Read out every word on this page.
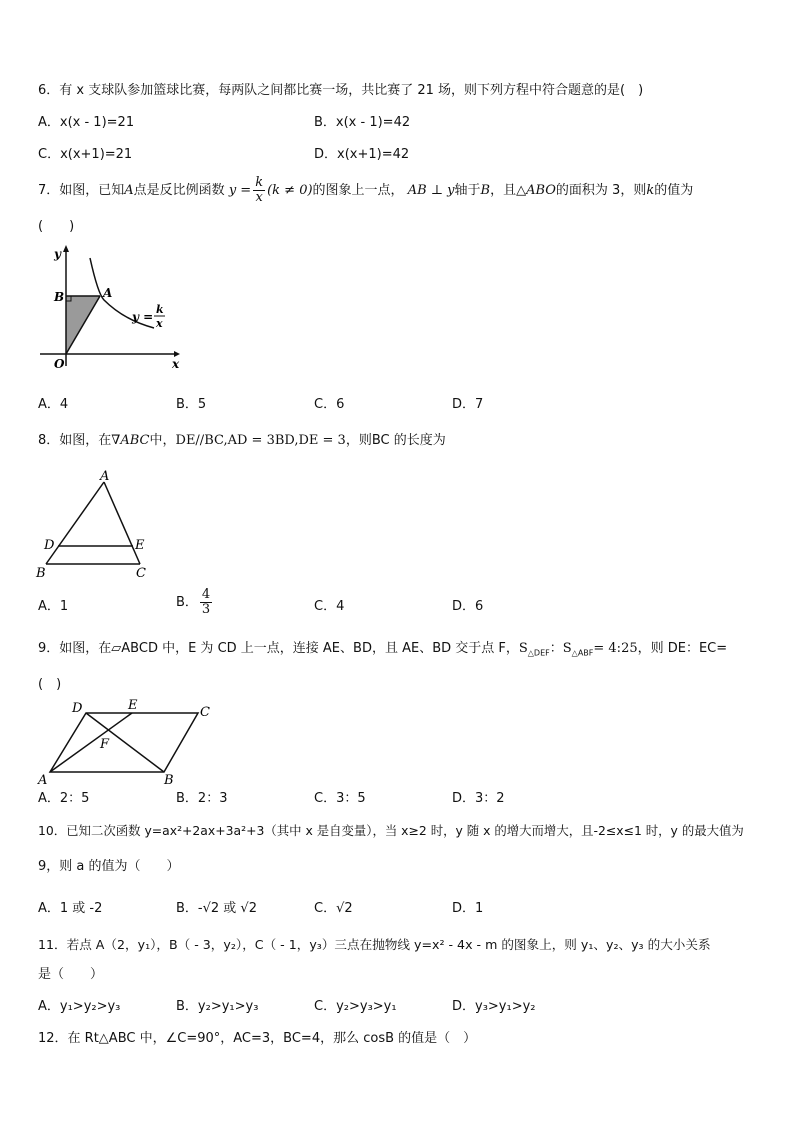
6．有 x 支球队参加篮球比赛，每两队之间都比赛一场，共比赛了 21 场，则下列方程中符合题意的是(　)
A．x(x - 1)=21	B．x(x - 1)=42
C．x(x+1)=21	D．x(x+1)=42
7．如图，已知A点是反比例函数 $y = \frac{k}{x} (k \ne 0)$的图象上一点， AB ⊥ y轴于B，且△ABO的面积为 3，则k的值为
(　　)
y
x
B	A
O
y =
k
x
A．4	B．5	C．6	D．7
8．如图，在∇ABC中，DE//BC,AD = 3BD,DE = 3，则BC 的长度为
A
D	E
B	C
A．1	B． $\frac{4}{3}$	C．4	D．6
9．如图，在▱ABCD 中，E 为 CD 上一点，连接 AE、BD，且 AE、BD 交于点 F，$S_{\triangle DEF}$：$S_{\triangle ABF}=$ 4:25，则 DE：EC=
(　)
D	E	C
F
A	B
A．2：5	B．2：3	C．3：5	D．3：2
10．已知二次函数 y=ax²+2ax+3a²+3（其中 x 是自变量），当 x≥2 时，y 随 x 的增大而增大，且-2≤x≤1 时，y 的最大值为
9，则 a 的值为（　　）
A．1 或 -2	B．-√2 或 √2	C．√2	D．1
11．若点 A（2，y₁），B（ - 3，y₂），C（ - 1，y₃）三点在抛物线 y=x² - 4x - m 的图象上，则 y₁、y₂、y₃ 的大小关系
是（　　）
A．y₁>y₂>y₃	B．y₂>y₁>y₃	C．y₂>y₃>y₁	D．y₃>y₁>y₂
12．在 Rt△ABC 中，∠C=90°，AC=3，BC=4，那么 cosB 的值是（　）
